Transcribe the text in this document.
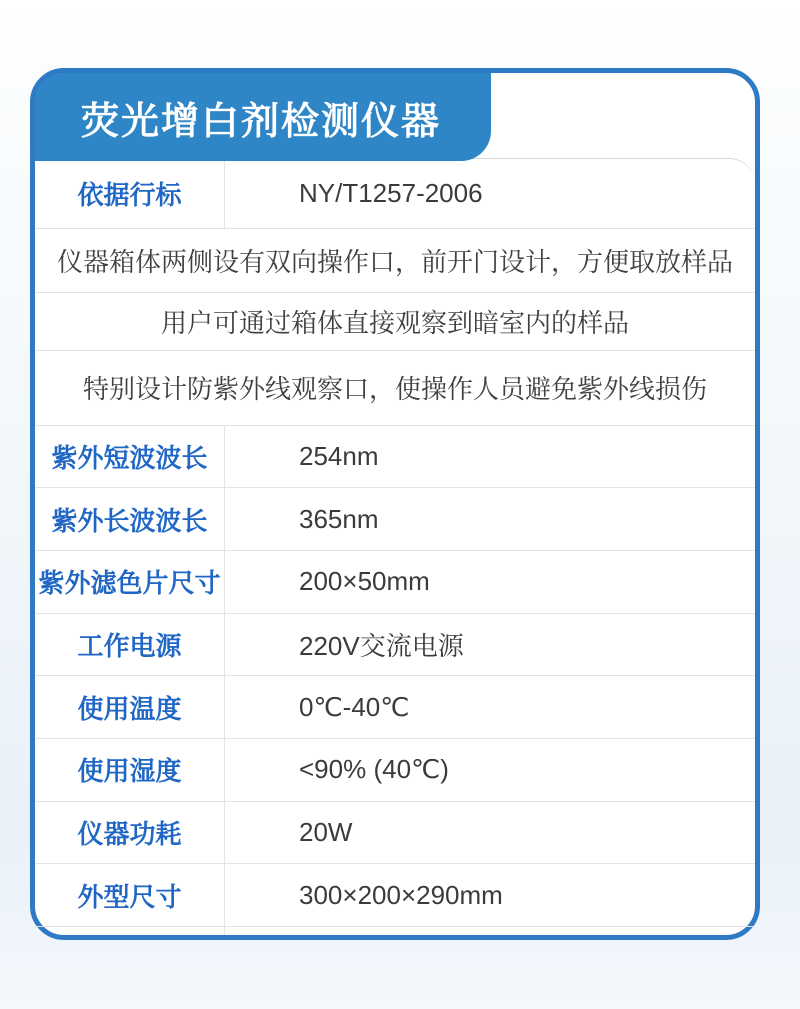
荧光增白剂检测仪器
依据行标	NY/T1257-2006
仪器箱体两侧设有双向操作口，前开门设计，方便取放样品
用户可通过箱体直接观察到暗室内的样品
特别设计防紫外线观察口，使操作人员避免紫外线损伤
紫外短波波长	254nm
紫外长波波长	365nm
紫外滤色片尺寸	200×50mm
工作电源	220V交流电源
使用温度	0℃-40℃
使用湿度	<90% (40℃)
仪器功耗	20W
外型尺寸	300×200×290mm
